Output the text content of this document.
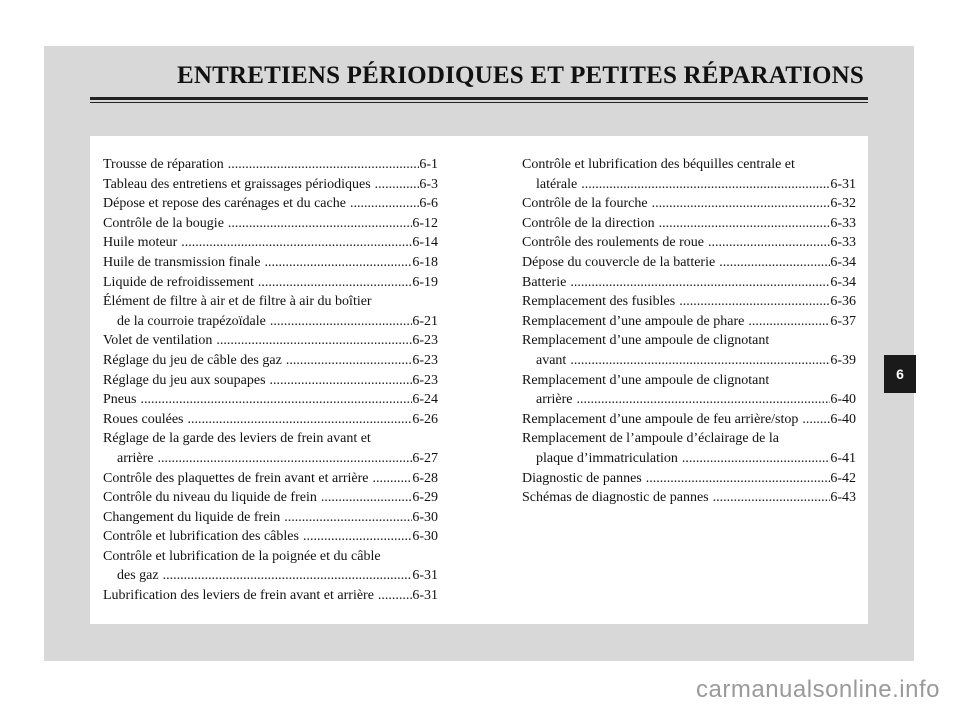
ENTRETIENS PÉRIODIQUES ET PETITES RÉPARATIONS
Trousse de réparation .....	6-1
Tableau des entretiens et graissages périodiques .....	6-3
Dépose et repose des carénages et du cache .....	6-6
Contrôle de la bougie .....	6-12
Huile moteur .....	6-14
Huile de transmission finale .....	6-18
Liquide de refroidissement .....	6-19
Élément de filtre à air et de filtre à air du boîtier
de la courroie trapézoïdale .....	6-21
Volet de ventilation .....	6-23
Réglage du jeu de câble des gaz .....	6-23
Réglage du jeu aux soupapes .....	6-23
Pneus .....	6-24
Roues coulées .....	6-26
Réglage de la garde des leviers de frein avant et
arrière .....	6-27
Contrôle des plaquettes de frein avant et arrière .....	6-28
Contrôle du niveau du liquide de frein .....	6-29
Changement du liquide de frein .....	6-30
Contrôle et lubrification des câbles .....	6-30
Contrôle et lubrification de la poignée et du câble
des gaz .....	6-31
Lubrification des leviers de frein avant et arrière .....	6-31
Contrôle et lubrification des béquilles centrale et
latérale .....	6-31
Contrôle de la fourche .....	6-32
Contrôle de la direction .....	6-33
Contrôle des roulements de roue .....	6-33
Dépose du couvercle de la batterie .....	6-34
Batterie .....	6-34
Remplacement des fusibles .....	6-36
Remplacement d’une ampoule de phare .....	6-37
Remplacement d’une ampoule de clignotant
avant .....	6-39
Remplacement d’une ampoule de clignotant
arrière .....	6-40
Remplacement d’une ampoule de feu arrière/stop ..... 6-40
Remplacement de l’ampoule d’éclairage de la
plaque d’immatriculation .....	6-41
Diagnostic de pannes .....	6-42
Schémas de diagnostic de pannes .....	6-43
6
carmanualsonline.info
